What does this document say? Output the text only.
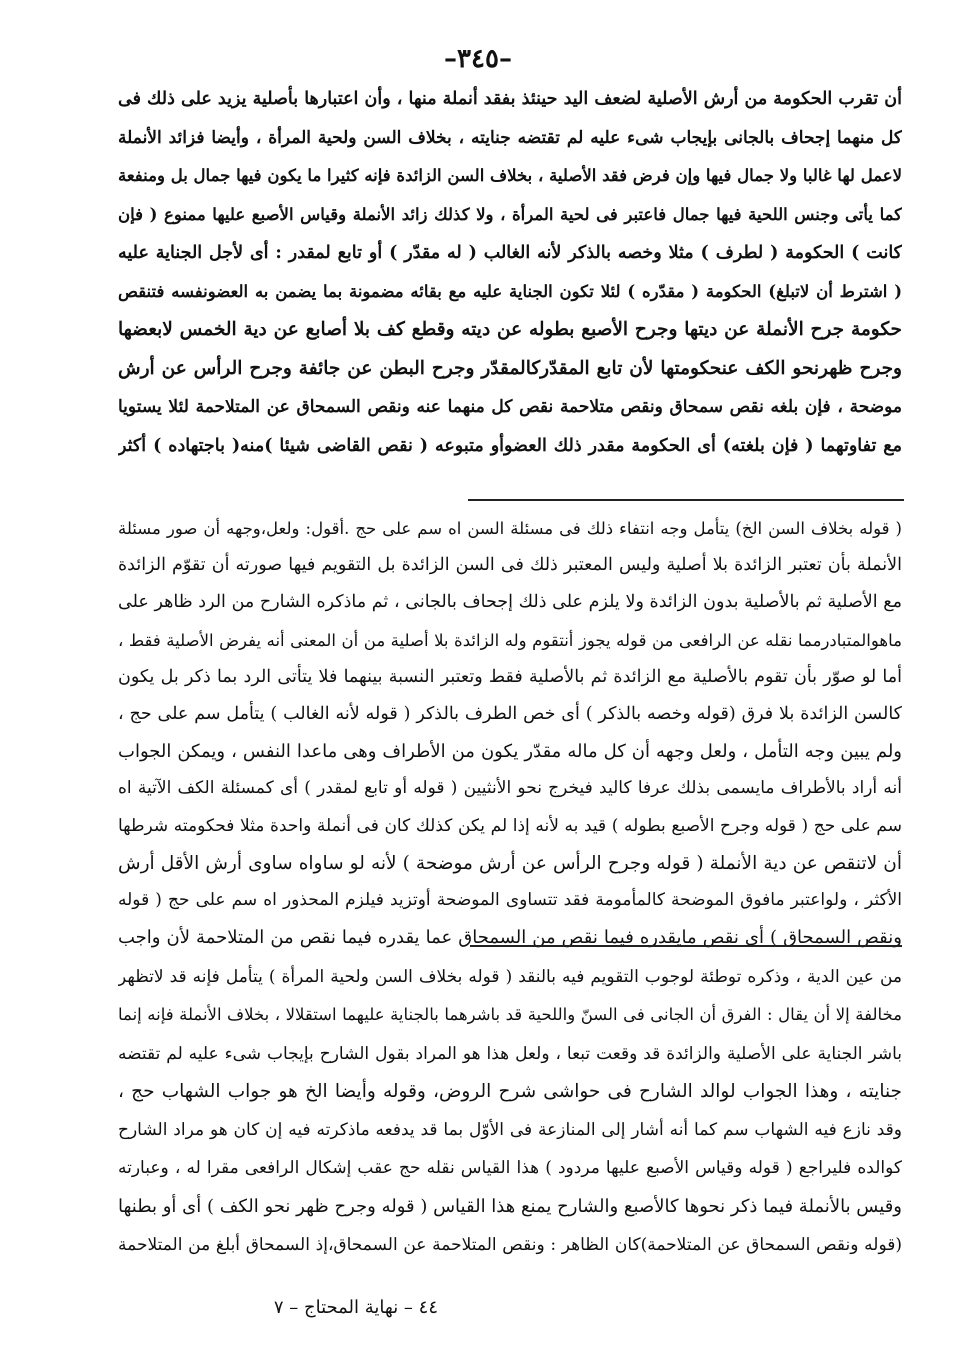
–٣٤٥–
أن تقرب الحكومة من أرش الأصلية لضعف اليد حينئذ بفقد أنملة منها ، وأن اعتبارها بأصلية يزيد على ذلك فى
كل منهما إجحاف بالجانى بإيجاب شىء عليه لم تقتضه جنايته ، بخلاف السن ولحية المرأة ، وأيضا فزائد الأنملة
لاعمل لها غالبا ولا جمال فيها وإن فرض فقد الأصلية ، بخلاف السن الزائدة فإنه كثيرا ما يكون فيها جمال بل ومنفعة
كما يأتى وجنس اللحية فيها جمال فاعتبر فى لحية المرأة ، ولا كذلك زائد الأنملة وقياس الأصبع عليها ممنوع ( فإن
كانت ) الحكومة ( لطرف ) مثلا وخصه بالذكر لأنه الغالب ( له مقدّر ) أو تابع لمقدر : أى لأجل الجناية عليه
( اشترط أن لاتبلغ) الحكومة ( مقدّره ) لئلا تكون الجناية عليه مع بقائه مضمونة بما يضمن به العضونفسه فتنقص
حكومة جرح الأنملة عن ديتها وجرح الأصبع بطوله عن ديته وقطع كف بلا أصابع عن دية الخمس لابعضها
وجرح ظهرنحو الكف عنحكومتها لأن تابع المقدّركالمقدّر وجرح البطن عن جائفة وجرح الرأس عن أرش
موضحة ، فإن بلغه نقص سمحاق ونقص متلاحمة نقص كل منهما عنه ونقص السمحاق عن المتلاحمة لئلا يستويا
مع تفاوتهما ( فإن بلغته) أى الحكومة مقدر ذلك العضوأو متبوعه ( نقص القاضى شيئا )منه( باجتهاده ) أكثر
( قوله بخلاف السن الخ) يتأمل وجه انتفاء ذلك فى مسئلة السن اه سم على حج .أقول: ولعل،وجهه أن صور مسئلة
الأنملة بأن تعتبر الزائدة بلا أصلية وليس المعتبر ذلك فى السن الزائدة بل التقويم فيها صورته أن تقوّم الزائدة
مع الأصلية ثم بالأصلية بدون الزائدة ولا يلزم على ذلك إجحاف بالجانى ، ثم ماذكره الشارح من الرد ظاهر على
ماهوالمتبادرمما نقله عن الرافعى من قوله يجوز أنتقوم وله الزائدة بلا أصلية من أن المعنى أنه يفرض الأصلية فقط ،
أما لو صوّر بأن تقوم بالأصلية مع الزائدة ثم بالأصلية فقط وتعتبر النسبة بينهما فلا يتأتى الرد بما ذكر بل يكون
كالسن الزائدة بلا فرق (قوله وخصه بالذكر ) أى خص الطرف بالذكر ( قوله لأنه الغالب ) يتأمل سم على حج ،
ولم يبين وجه التأمل ، ولعل وجهه أن كل ماله مقدّر يكون من الأطراف وهى ماعدا النفس ، ويمكن الجواب
أنه أراد بالأطراف مايسمى بذلك عرفا كاليد فيخرج نحو الأنثيين ( قوله أو تابع لمقدر ) أى كمسئلة الكف الآتية اه
سم على حج ( قوله وجرح الأصبع بطوله ) قيد به لأنه إذا لم يكن كذلك كان فى أنملة واحدة مثلا فحكومته شرطها
أن لاتنقص عن دية الأنملة ( قوله وجرح الرأس عن أرش موضحة ) لأنه لو ساواه ساوى أرش الأقل أرش
الأكثر ، ولواعتبر مافوق الموضحة كالمأمومة فقد تتساوى الموضحة أوتزيد فيلزم المحذور اه سم على حج ( قوله
ونقص السمحاق ) أى نقص مايقدره فيما نقص من السمحاق عما يقدره فيما نقص من المتلاحمة لأن واجب
من عين الدية ، وذكره توطئة لوجوب التقويم فيه بالنقد ( قوله بخلاف السن ولحية المرأة ) يتأمل فإنه قد لاتظهر
مخالفة إلا أن يقال : الفرق أن الجانى فى السنّ واللحية قد باشرهما بالجناية عليهما استقلالا ، بخلاف الأنملة فإنه إنما
باشر الجناية على الأصلية والزائدة قد وقعت تبعا ، ولعل هذا هو المراد بقول الشارح بإيجاب شىء عليه لم تقتضه
جنايته ، وهذا الجواب لوالد الشارح فى حواشى شرح الروض، وقوله وأيضا الخ هو جواب الشهاب حج ،
وقد نازع فيه الشهاب سم كما أنه أشار إلى المنازعة فى الأوّل بما قد يدفعه ماذكرته فيه إن كان هو مراد الشارح
كوالده فليراجع ( قوله وقياس الأصبع عليها مردود ) هذا القياس نقله حج عقب إشكال الرافعى مقرا له ، وعبارته
وقيس بالأنملة فيما ذكر نحوها كالأصبع والشارح يمنع هذا القياس ( قوله وجرح ظهر نحو الكف ) أى أو بطنها
(قوله ونقص السمحاق عن المتلاحمة)كان الظاهر : ونقص المتلاحمة عن السمحاق،إذ السمحاق أبلغ من المتلاحمة
٤٤ – نهاية المحتاج – ٧
